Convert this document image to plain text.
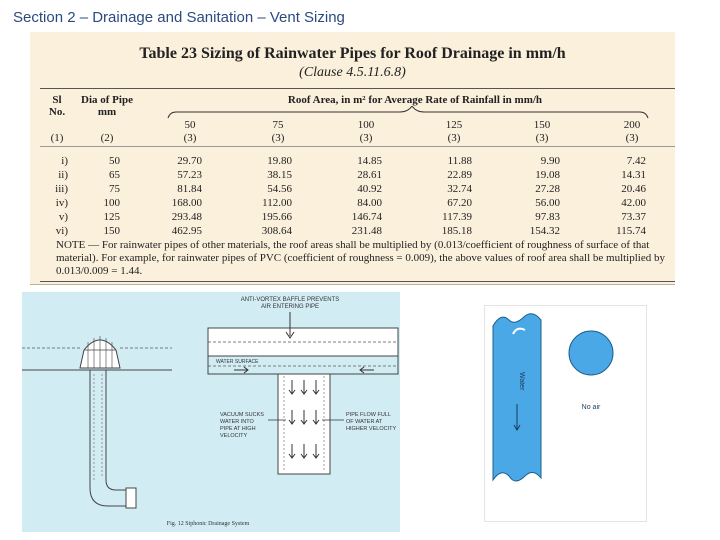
Section 2 – Drainage and Sanitation – Vent Sizing
Table 23 Sizing of Rainwater Pipes for Roof Drainage in mm/h
(Clause 4.5.11.6.8)
Sl
No.
Dia of Pipe
mm
Roof Area, in m² for Average Rate of Rainfall in mm/h
50	75	100	125	150	200
(1)	(2)	(3)	(3)	(3)	(3)	(3)	(3)
i)	50	29.70	19.80	14.85	11.88	9.90	7.42
ii)	65	57.23	38.15	28.61	22.89	19.08	14.31
iii)	75	81.84	54.56	40.92	32.74	27.28	20.46
iv)	100	168.00	112.00	84.00	67.20	56.00	42.00
v)	125	293.48	195.66	146.74	117.39	97.83	73.37
vi)	150	462.95	308.64	231.48	185.18	154.32	115.74
NOTE — For rainwater pipes of other materials, the roof areas shall be multiplied by (0.013/coefficient of roughness of surface of that material). For example, for rainwater pipes of PVC (coefficient of roughness = 0.009), the above values of roof area shall be multiplied by 0.013/0.009 = 1.44.
ANTI-VORTEX BAFFLE PREVENTS
AIR ENTERING PIPE
WATER SURFACE
VACUUM SUCKS
WATER INTO
PIPE AT HIGH
VELOCITY
PIPE FLOW FULL
OF WATER AT
HIGHER VELOCITY
Fig. 12 Siphonic Drainage System
Water
No air
